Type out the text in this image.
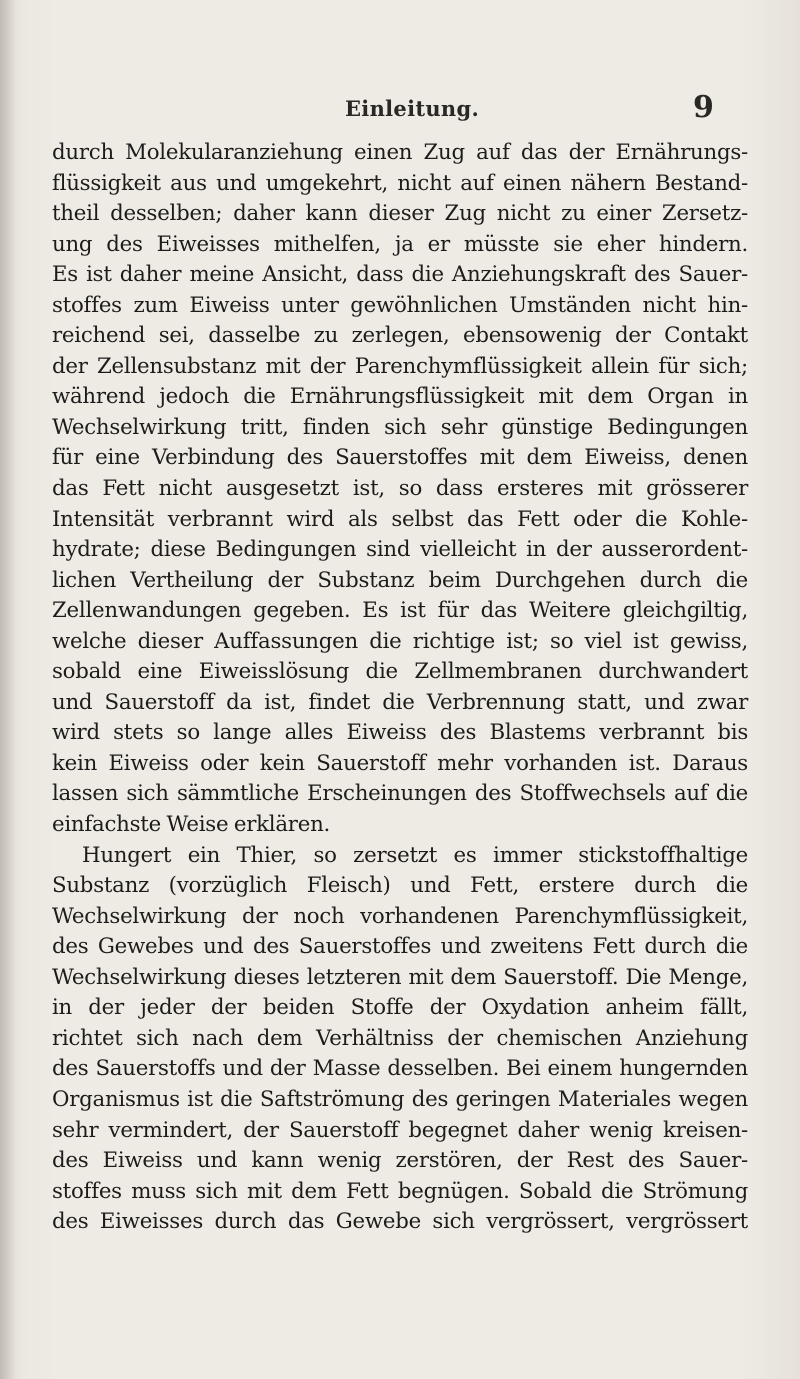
Einleitung.	9
durch Molekularanziehung einen Zug auf das der Ernährungs-
flüssigkeit aus und umgekehrt, nicht auf einen nähern Bestand-
theil desselben; daher kann dieser Zug nicht zu einer Zersetz-
ung des Eiweisses mithelfen, ja er müsste sie eher hindern.
Es ist daher meine Ansicht, dass die Anziehungskraft des Sauer-
stoffes zum Eiweiss unter gewöhnlichen Umständen nicht hin-
reichend sei, dasselbe zu zerlegen, ebensowenig der Contakt
der Zellensubstanz mit der Parenchymflüssigkeit allein für sich;
während jedoch die Ernährungsflüssigkeit mit dem Organ in
Wechselwirkung tritt, finden sich sehr günstige Bedingungen
für eine Verbindung des Sauerstoffes mit dem Eiweiss, denen
das Fett nicht ausgesetzt ist, so dass ersteres mit grösserer
Intensität verbrannt wird als selbst das Fett oder die Kohle-
hydrate; diese Bedingungen sind vielleicht in der ausserordent-
lichen Vertheilung der Substanz beim Durchgehen durch die
Zellenwandungen gegeben. Es ist für das Weitere gleichgiltig,
welche dieser Auffassungen die richtige ist; so viel ist gewiss,
sobald eine Eiweisslösung die Zellmembranen durchwandert
und Sauerstoff da ist, findet die Verbrennung statt, und zwar
wird stets so lange alles Eiweiss des Blastems verbrannt bis
kein Eiweiss oder kein Sauerstoff mehr vorhanden ist. Daraus
lassen sich sämmtliche Erscheinungen des Stoffwechsels auf die
einfachste Weise erklären.
Hungert ein Thier, so zersetzt es immer stickstoffhaltige
Substanz (vorzüglich Fleisch) und Fett, erstere durch die
Wechselwirkung der noch vorhandenen Parenchymflüssigkeit,
des Gewebes und des Sauerstoffes und zweitens Fett durch die
Wechselwirkung dieses letzteren mit dem Sauerstoff. Die Menge,
in der jeder der beiden Stoffe der Oxydation anheim fällt,
richtet sich nach dem Verhältniss der chemischen Anziehung
des Sauerstoffs und der Masse desselben. Bei einem hungernden
Organismus ist die Saftströmung des geringen Materiales wegen
sehr vermindert, der Sauerstoff begegnet daher wenig kreisen-
des Eiweiss und kann wenig zerstören, der Rest des Sauer-
stoffes muss sich mit dem Fett begnügen. Sobald die Strömung
des Eiweisses durch das Gewebe sich vergrössert, vergrössert
